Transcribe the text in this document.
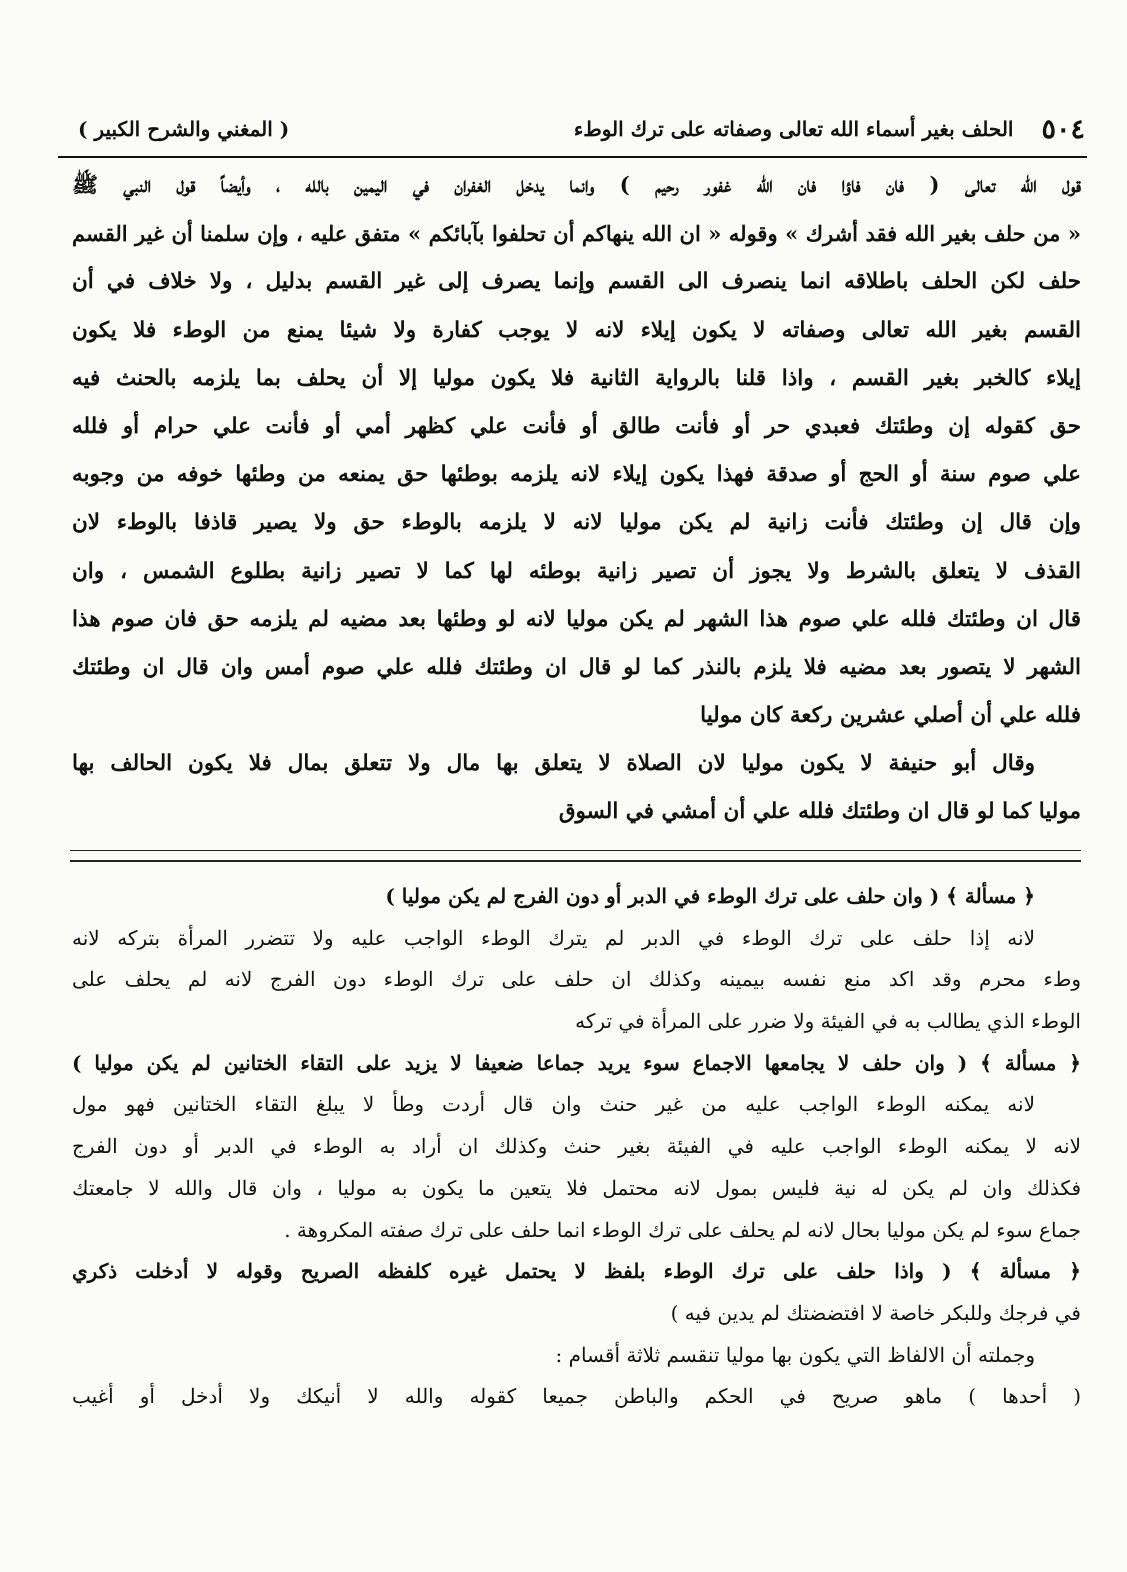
٥٠٤
الحلف بغير أسماء الله تعالى وصفاته على ترك الوطء
( المغني والشرح الكبير )

قول الله تعالى ( فان فاؤا فان الله غفور رحيم ) وانما يدخل الغفران في اليمين بالله ، وأيضاً قول النبي ﷺ

« من حلف بغير الله فقد أشرك » وقوله « ان الله ينهاكم أن تحلفوا بآبائكم » متفق عليه ، وإن سلمنا أن غير القسم

حلف لكن الحلف باطلاقه انما ينصرف الى القسم وإنما يصرف إلى غير القسم بدليل ، ولا خلاف في أن

القسم بغير الله تعالى وصفاته لا يكون إيلاء لانه لا يوجب كفارة ولا شيئا يمنع من الوطء فلا يكون

إيلاء كالخبر بغير القسم ، واذا قلنا بالرواية الثانية فلا يكون موليا إلا أن يحلف بما يلزمه بالحنث فيه

حق كقوله إن وطئتك فعبدي حر أو فأنت طالق أو فأنت علي كظهر أمي أو فأنت علي حرام أو فلله

علي صوم سنة أو الحج أو صدقة فهذا يكون إيلاء لانه يلزمه بوطئها حق يمنعه من وطئها خوفه من وجوبه

وإن قال إن وطئتك فأنت زانية لم يكن موليا لانه لا يلزمه بالوطء حق ولا يصير قاذفا بالوطء لان

القذف لا يتعلق بالشرط ولا يجوز أن تصير زانية بوطئه لها كما لا تصير زانية بطلوع الشمس ، وان

قال ان وطئتك فلله علي صوم هذا الشهر لم يكن موليا لانه لو وطئها بعد مضيه لم يلزمه حق فان صوم هذا

الشهر لا يتصور بعد مضيه فلا يلزم بالنذر كما لو قال ان وطئتك فلله علي صوم أمس وان قال ان وطئتك

فلله علي أن أصلي عشرين ركعة كان موليا

وقال أبو حنيفة لا يكون موليا لان الصلاة لا يتعلق بها مال ولا تتعلق بمال فلا يكون الحالف بها

موليا كما لو قال ان وطئتك فلله علي أن أمشي في السوق

﴿ مسألة ﴾ ( وان حلف على ترك الوطء في الدبر أو دون الفرج لم يكن موليا )

لانه إذا حلف على ترك الوطء في الدبر لم يترك الوطء الواجب عليه ولا تتضرر المرأة بتركه لانه

وطء محرم وقد اكد منع نفسه بيمينه وكذلك ان حلف على ترك الوطء دون الفرج لانه لم يحلف على

الوطء الذي يطالب به في الفيئة ولا ضرر على المرأة في تركه

﴿ مسألة ﴾ ( وان حلف لا يجامعها الاجماع سوء يريد جماعا ضعيفا لا يزيد على التقاء الختانين لم يكن موليا )

لانه يمكنه الوطء الواجب عليه من غير حنث وان قال أردت وطأ لا يبلغ التقاء الختانين فهو مول

لانه لا يمكنه الوطء الواجب عليه في الفيئة بغير حنث وكذلك ان أراد به الوطء في الدبر أو دون الفرج

فكذلك وان لم يكن له نية فليس بمول لانه محتمل فلا يتعين ما يكون به موليا ، وان قال والله لا جامعتك

جماع سوء لم يكن موليا بحال لانه لم يحلف على ترك الوطء انما حلف على ترك صفته المكروهة .

﴿ مسألة ﴾ ( واذا حلف على ترك الوطء بلفظ لا يحتمل غيره كلفظه الصريح وقوله لا أدخلت ذكري

في فرجك وللبكر خاصة لا افتضضتك لم يدين فيه )

وجملته أن الالفاظ التي يكون بها موليا تنقسم ثلاثة أقسام :

( أحدها ) ماهو صريح في الحكم والباطن جميعا كقوله والله لا أنيكك ولا أدخل أو أغيب
